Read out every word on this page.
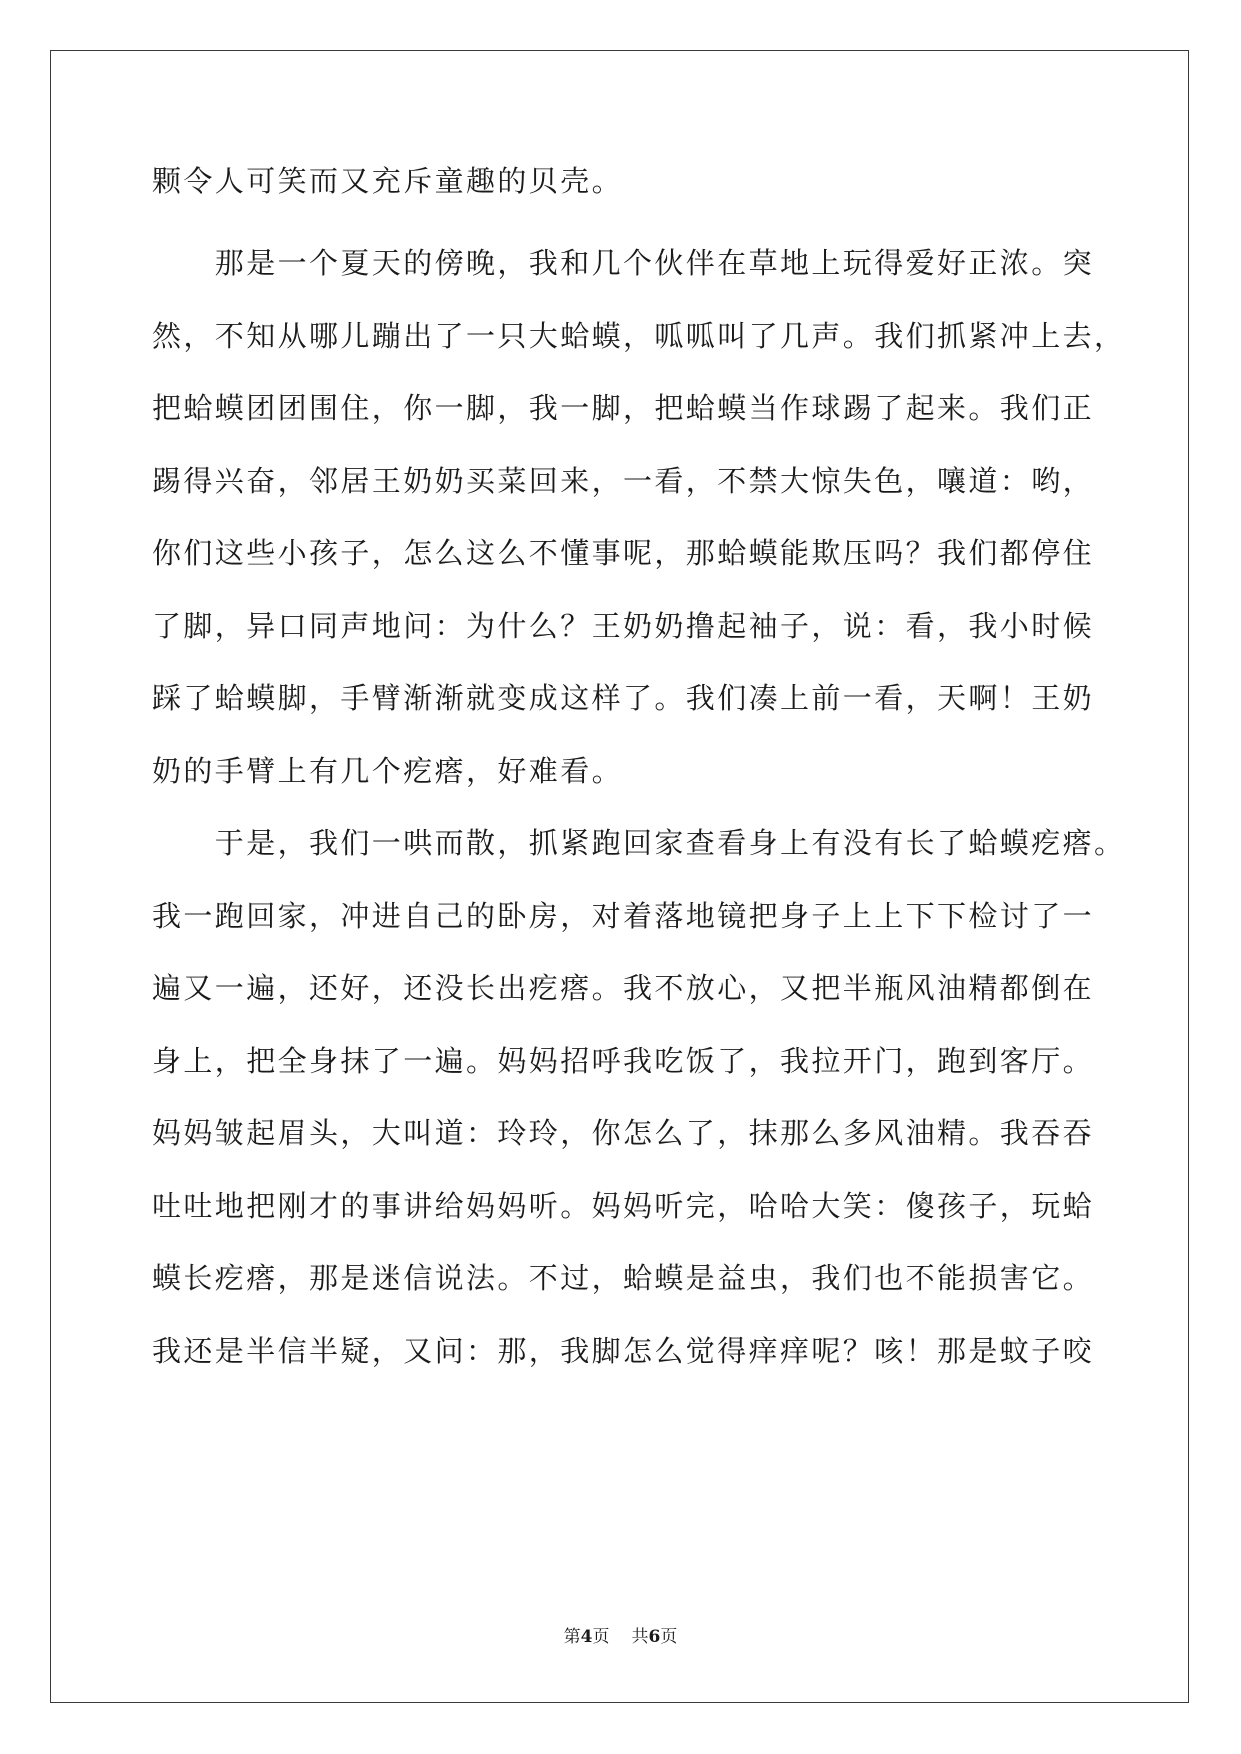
颗令人可笑而又充斥童趣的贝壳。
　　那是一个夏天的傍晚，我和几个伙伴在草地上玩得爱好正浓。突
然，不知从哪儿蹦出了一只大蛤蟆，呱呱叫了几声。我们抓紧冲上去，
把蛤蟆团团围住，你一脚，我一脚，把蛤蟆当作球踢了起来。我们正
踢得兴奋，邻居王奶奶买菜回来，一看，不禁大惊失色，嚷道：哟，
你们这些小孩子，怎么这么不懂事呢，那蛤蟆能欺压吗？我们都停住
了脚，异口同声地问：为什么？王奶奶撸起袖子，说：看，我小时候
踩了蛤蟆脚，手臂渐渐就变成这样了。我们凑上前一看，天啊！王奶
奶的手臂上有几个疙瘩，好难看。
　　于是，我们一哄而散，抓紧跑回家查看身上有没有长了蛤蟆疙瘩。
我一跑回家，冲进自己的卧房，对着落地镜把身子上上下下检讨了一
遍又一遍，还好，还没长出疙瘩。我不放心，又把半瓶风油精都倒在
身上，把全身抹了一遍。妈妈招呼我吃饭了，我拉开门，跑到客厅。
妈妈皱起眉头，大叫道：玲玲，你怎么了，抹那么多风油精。我吞吞
吐吐地把刚才的事讲给妈妈听。妈妈听完，哈哈大笑：傻孩子，玩蛤
蟆长疙瘩，那是迷信说法。不过，蛤蟆是益虫，我们也不能损害它。
我还是半信半疑，又问：那，我脚怎么觉得痒痒呢？咳！那是蚊子咬
第4页 共6页
